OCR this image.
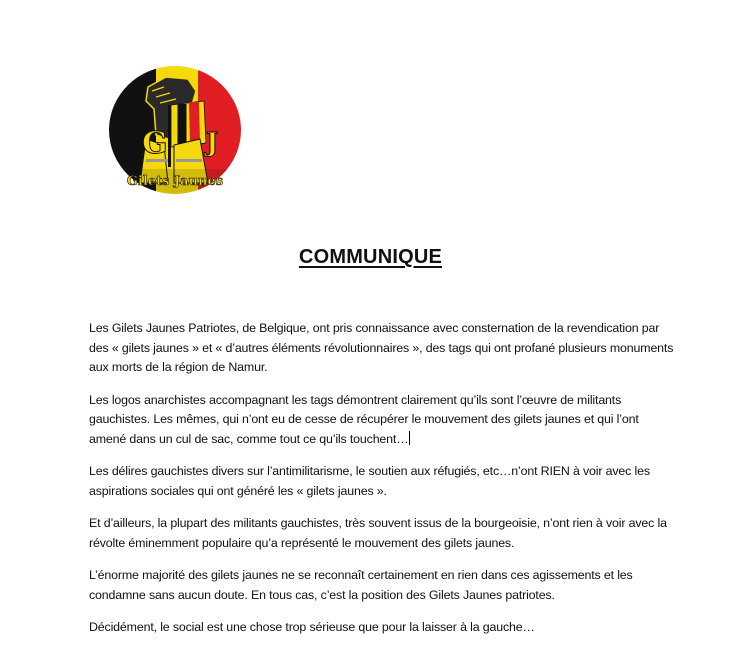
G J
Gilets Jaunes
COMMUNIQUE

Les Gilets Jaunes Patriotes, de Belgique, ont pris connaissance avec consternation de la revendication par des « gilets jaunes » et « d’autres éléments révolutionnaires », des tags qui ont profané plusieurs monuments aux morts de la région de Namur.

Les logos anarchistes accompagnant les tags démontrent clairement qu’ils sont l’œuvre de militants gauchistes. Les mêmes, qui n’ont eu de cesse de récupérer le mouvement des gilets jaunes et qui l’ont amené dans un cul de sac, comme tout ce qu’ils touchent…

Les délires gauchistes divers sur l’antimilitarisme, le soutien aux réfugiés, etc…n’ont RIEN à voir avec les aspirations sociales qui ont généré les « gilets jaunes ».

Et d’ailleurs, la plupart des militants gauchistes, très souvent issus de la bourgeoisie, n’ont rien à voir avec la révolte éminemment populaire qu’a représenté le mouvement des gilets jaunes.

L’énorme majorité des gilets jaunes ne se reconnaît certainement en rien dans ces agissements et les condamne sans aucun doute. En tous cas, c’est la position des Gilets Jaunes patriotes.

Décidément, le social est une chose trop sérieuse que pour la laisser à la gauche…
